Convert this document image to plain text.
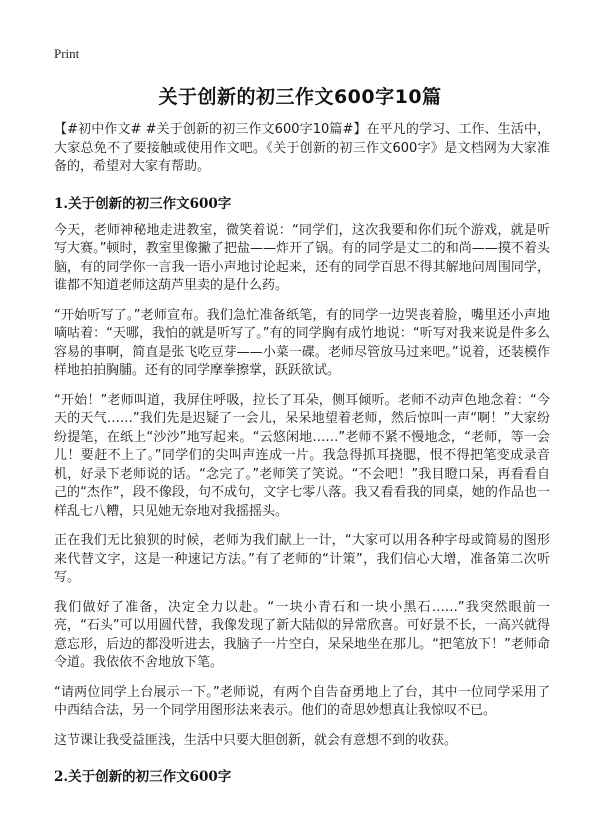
Print
关于创新的初三作文600字10篇

【#初中作文# #关于创新的初三作文600字10篇#】在平凡的学习、工作、生活中，大家总免不了要接触或使用作文吧。《关于创新的初三作文600字》是文档网为大家准备的，希望对大家有帮助。

1.关于创新的初三作文600字

今天，老师神秘地走进教室，微笑着说：“同学们，这次我要和你们玩个游戏，就是听写大赛。”顿时，教室里像撇了把盐——炸开了锅。有的同学是丈二的和尚——摸不着头脑，有的同学你一言我一语小声地讨论起来，还有的同学百思不得其解地问周围同学，谁都不知道老师这葫芦里卖的是什么药。

“开始听写了。”老师宣布。我们急忙准备纸笔，有的同学一边哭丧着脸，嘴里还小声地嘀咕着：“天哪，我怕的就是听写了。”有的同学胸有成竹地说：“听写对我来说是件多么容易的事啊，简直是张飞吃豆芽——小菜一碟。老师尽管放马过来吧。”说着，还装模作样地拍拍胸脯。还有的同学摩拳擦掌，跃跃欲试。

“开始！”老师叫道，我屏住呼吸，拉长了耳朵，侧耳倾听。老师不动声色地念着：“今天的天气……”我们先是迟疑了一会儿，呆呆地望着老师，然后惊叫一声“啊！”大家纷纷提笔，在纸上“沙沙”地写起来。“云悠闲地……”老师不紧不慢地念，“老师，等一会儿！要赶不上了。”同学们的尖叫声连成一片。我急得抓耳挠腮，恨不得把笔变成录音机，好录下老师说的话。“念完了。”老师笑了笑说。“不会吧！”我目瞪口呆，再看看自己的“杰作”，段不像段，句不成句，文字七零八落。我又看看我的同桌，她的作品也一样乱七八糟，只见她无奈地对我摇摇头。

正在我们无比狼狈的时候，老师为我们献上一计，“大家可以用各种字母或简易的图形来代替文字，这是一种速记方法。”有了老师的“计策”，我们信心大增，准备第二次听写。

我们做好了准备，决定全力以赴。“一块小青石和一块小黑石……”我突然眼前一亮，“石头”可以用圆代替，我像发现了新大陆似的异常欣喜。可好景不长，一高兴就得意忘形，后边的都没听进去，我脑子一片空白，呆呆地坐在那儿。“把笔放下！”老师命令道。我依依不舍地放下笔。

“请两位同学上台展示一下。”老师说，有两个自告奋勇地上了台，其中一位同学采用了中西结合法，另一个同学用图形法来表示。他们的奇思妙想真让我惊叹不已。

这节课让我受益匪浅，生活中只要大胆创新，就会有意想不到的收获。

2.关于创新的初三作文600字
